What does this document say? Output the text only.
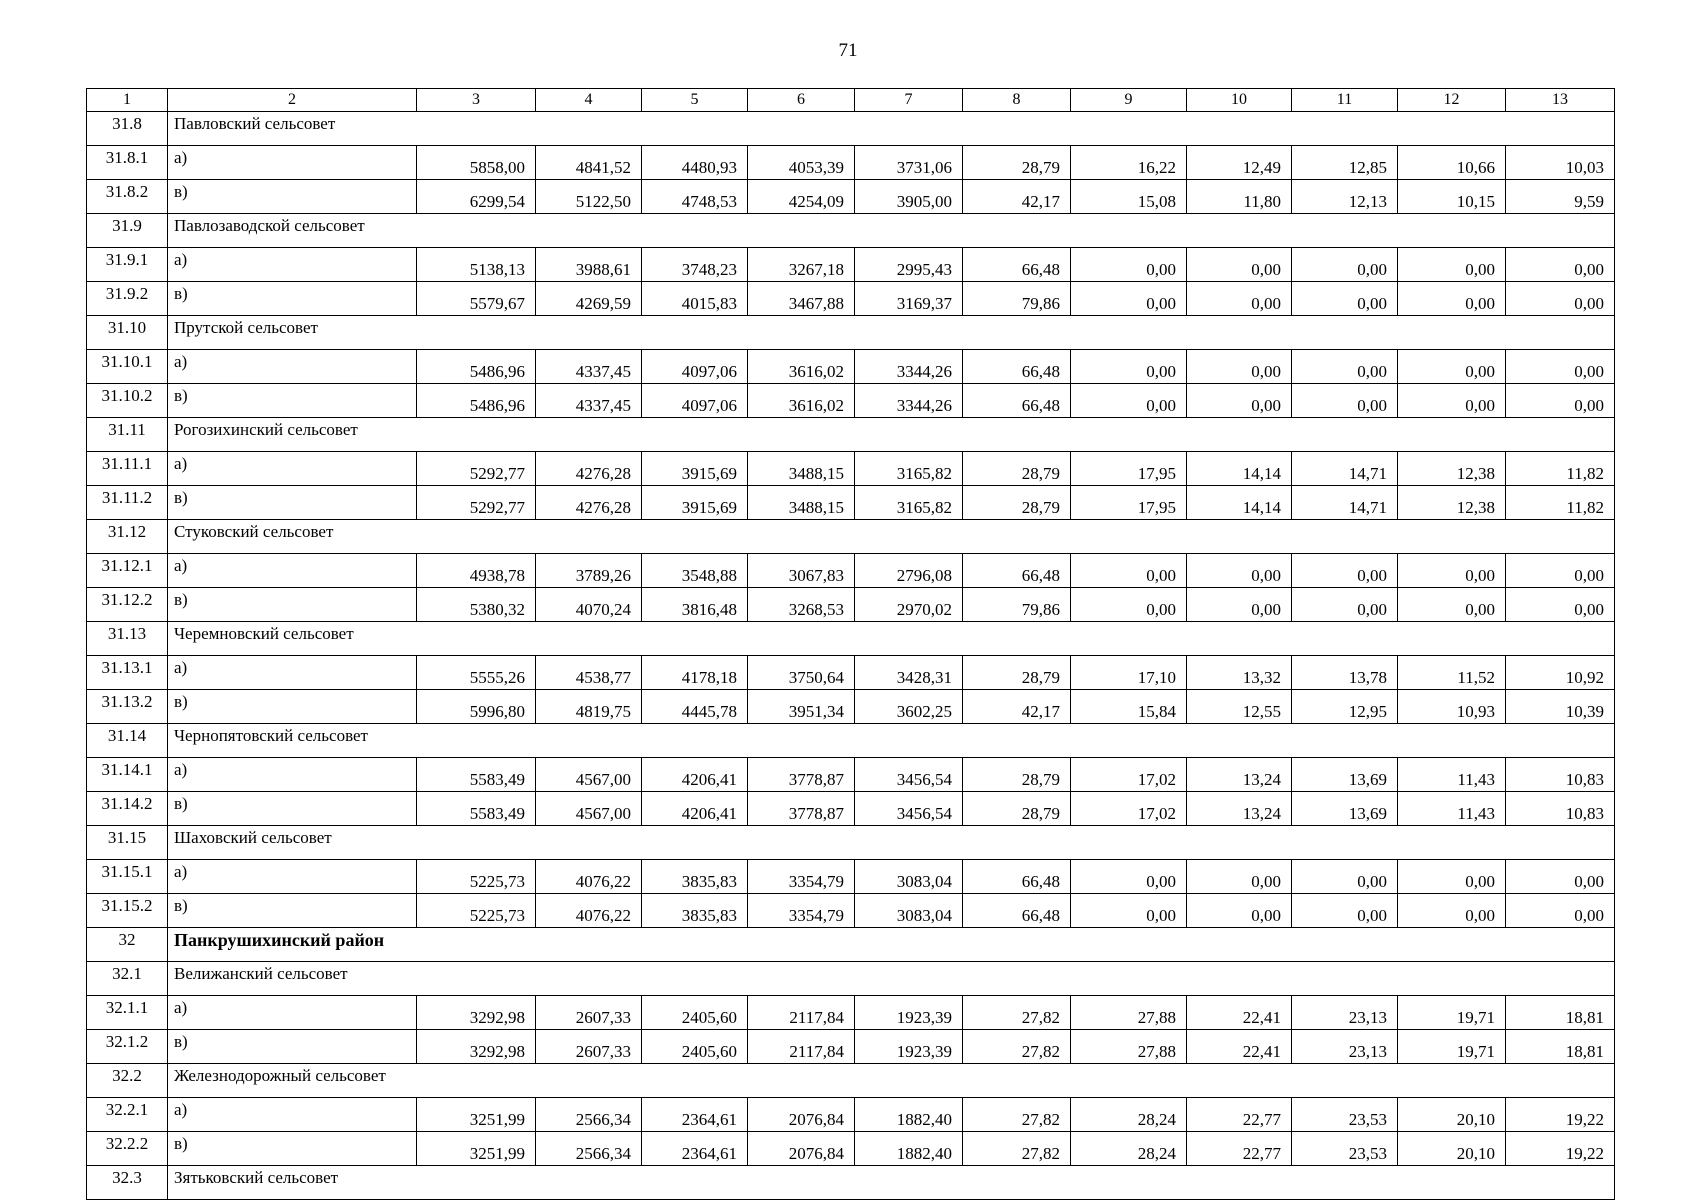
71
1	2	3	4	5	6	7	8	9	10	11	12	13
31.8	Павловский сельсовет											
31.8.1	а)	5858,00	4841,52	4480,93	4053,39	3731,06	28,79	16,22	12,49	12,85	10,66	10,03
31.8.2	в)	6299,54	5122,50	4748,53	4254,09	3905,00	42,17	15,08	11,80	12,13	10,15	9,59
31.9	Павлозаводской сельсовет											
31.9.1	а)	5138,13	3988,61	3748,23	3267,18	2995,43	66,48	0,00	0,00	0,00	0,00	0,00
31.9.2	в)	5579,67	4269,59	4015,83	3467,88	3169,37	79,86	0,00	0,00	0,00	0,00	0,00
31.10	Прутской сельсовет											
31.10.1	а)	5486,96	4337,45	4097,06	3616,02	3344,26	66,48	0,00	0,00	0,00	0,00	0,00
31.10.2	в)	5486,96	4337,45	4097,06	3616,02	3344,26	66,48	0,00	0,00	0,00	0,00	0,00
31.11	Рогозихинский сельсовет											
31.11.1	а)	5292,77	4276,28	3915,69	3488,15	3165,82	28,79	17,95	14,14	14,71	12,38	11,82
31.11.2	в)	5292,77	4276,28	3915,69	3488,15	3165,82	28,79	17,95	14,14	14,71	12,38	11,82
31.12	Стуковский сельсовет											
31.12.1	а)	4938,78	3789,26	3548,88	3067,83	2796,08	66,48	0,00	0,00	0,00	0,00	0,00
31.12.2	в)	5380,32	4070,24	3816,48	3268,53	2970,02	79,86	0,00	0,00	0,00	0,00	0,00
31.13	Черемновский сельсовет											
31.13.1	а)	5555,26	4538,77	4178,18	3750,64	3428,31	28,79	17,10	13,32	13,78	11,52	10,92
31.13.2	в)	5996,80	4819,75	4445,78	3951,34	3602,25	42,17	15,84	12,55	12,95	10,93	10,39
31.14	Чернопятовский сельсовет											
31.14.1	а)	5583,49	4567,00	4206,41	3778,87	3456,54	28,79	17,02	13,24	13,69	11,43	10,83
31.14.2	в)	5583,49	4567,00	4206,41	3778,87	3456,54	28,79	17,02	13,24	13,69	11,43	10,83
31.15	Шаховский сельсовет											
31.15.1	а)	5225,73	4076,22	3835,83	3354,79	3083,04	66,48	0,00	0,00	0,00	0,00	0,00
31.15.2	в)	5225,73	4076,22	3835,83	3354,79	3083,04	66,48	0,00	0,00	0,00	0,00	0,00
32	Панкрушихинский район											
32.1	Велижанский сельсовет											
32.1.1	а)	3292,98	2607,33	2405,60	2117,84	1923,39	27,82	27,88	22,41	23,13	19,71	18,81
32.1.2	в)	3292,98	2607,33	2405,60	2117,84	1923,39	27,82	27,88	22,41	23,13	19,71	18,81
32.2	Железнодорожный сельсовет											
32.2.1	а)	3251,99	2566,34	2364,61	2076,84	1882,40	27,82	28,24	22,77	23,53	20,10	19,22
32.2.2	в)	3251,99	2566,34	2364,61	2076,84	1882,40	27,82	28,24	22,77	23,53	20,10	19,22
32.3	Зятьковский сельсовет											
